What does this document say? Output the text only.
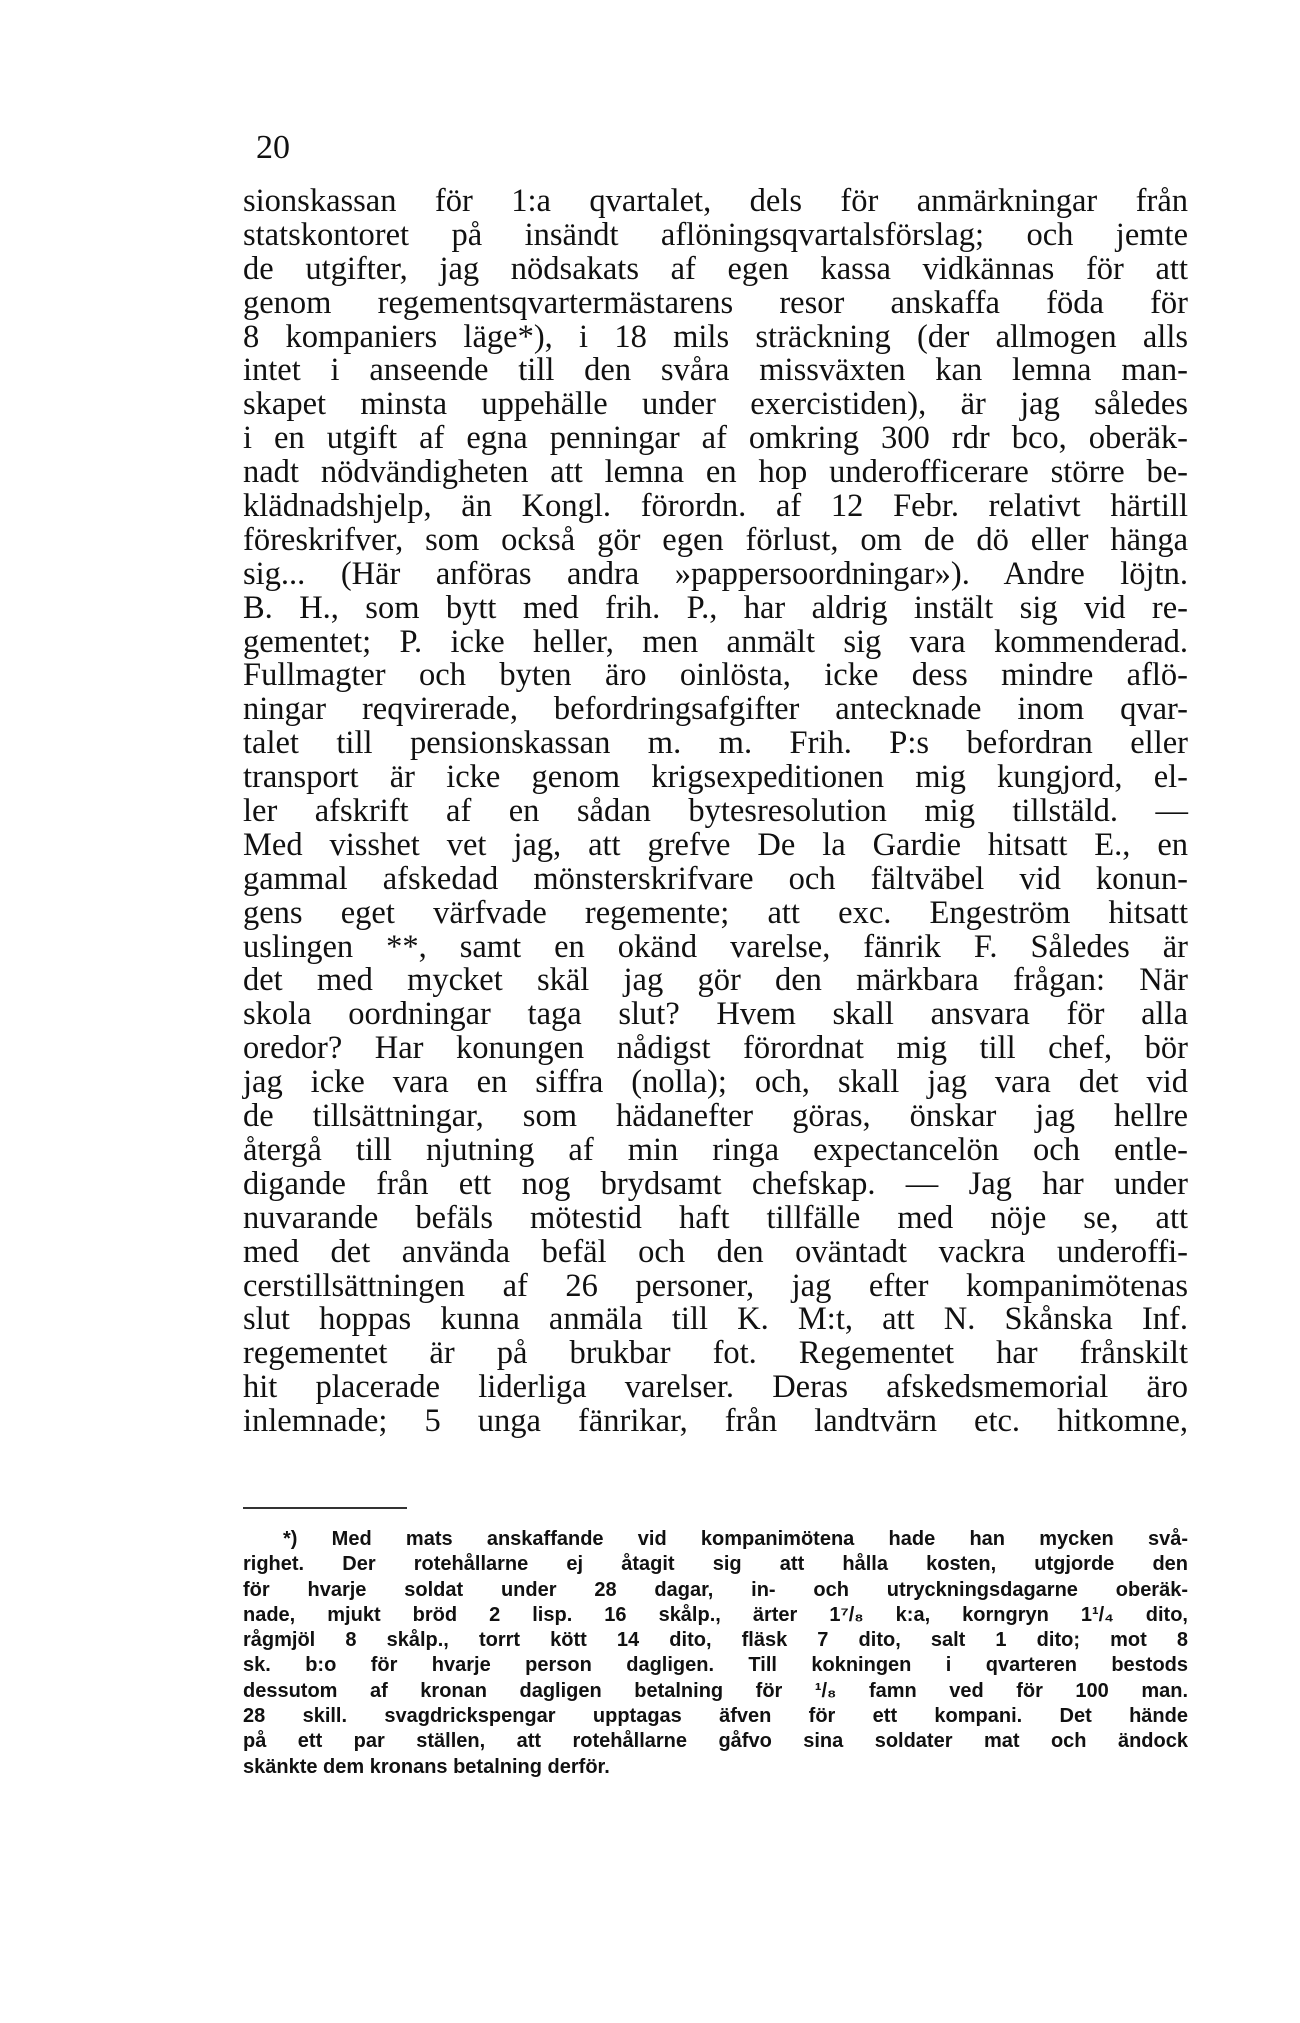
20
sionskassan för 1:a qvartalet, dels för anmärkningar från
statskontoret på insändt aflöningsqvartalsförslag; och jemte
de utgifter, jag nödsakats af egen kassa vidkännas för att
genom regementsqvartermästarens resor anskaffa föda för
8 kompaniers läge*), i 18 mils sträckning (der allmogen alls
intet i anseende till den svåra missväxten kan lemna man-
skapet minsta uppehälle under exercistiden), är jag således
i en utgift af egna penningar af omkring 300 rdr bco, oberäk-
nadt nödvändigheten att lemna en hop underofficerare större be-
klädnadshjelp, än Kongl. förordn. af 12 Febr. relativt härtill
föreskrifver, som också gör egen förlust, om de dö eller hänga
sig... (Här anföras andra »pappersoordningar»). Andre löjtn.
B. H., som bytt med frih. P., har aldrig instält sig vid re-
gementet; P. icke heller, men anmält sig vara kommenderad.
Fullmagter och byten äro oinlösta, icke dess mindre aflö-
ningar reqvirerade, befordringsafgifter antecknade inom qvar-
talet till pensionskassan m. m. Frih. P:s befordran eller
transport är icke genom krigsexpeditionen mig kungjord, el-
ler afskrift af en sådan bytesresolution mig tillstäld. —
Med visshet vet jag, att grefve De la Gardie hitsatt E., en
gammal afskedad mönsterskrifvare och fältväbel vid konun-
gens eget värfvade regemente; att exc. Engeström hitsatt
uslingen **, samt en okänd varelse, fänrik F. Således är
det med mycket skäl jag gör den märkbara frågan: När
skola oordningar taga slut? Hvem skall ansvara för alla
oredor? Har konungen nådigst förordnat mig till chef, bör
jag icke vara en siffra (nolla); och, skall jag vara det vid
de tillsättningar, som hädanefter göras, önskar jag hellre
återgå till njutning af min ringa expectancelön och entle-
digande från ett nog brydsamt chefskap. — Jag har under
nuvarande befäls mötestid haft tillfälle med nöje se, att
med det använda befäl och den oväntadt vackra underoffi-
cerstillsättningen af 26 personer, jag efter kompanimötenas
slut hoppas kunna anmäla till K. M:t, att N. Skånska Inf.
regementet är på brukbar fot. Regementet har frånskilt
hit placerade liderliga varelser. Deras afskedsmemorial äro
inlemnade; 5 unga fänrikar, från landtvärn etc. hitkomne,
*) Med mats anskaffande vid kompanimötena hade han mycken svå-
righet. Der rotehållarne ej åtagit sig att hålla kosten, utgjorde den
för hvarje soldat under 28 dagar, in- och utryckningsdagarne oberäk-
nade, mjukt bröd 2 lisp. 16 skålp., ärter 1⁷/₈ k:a, korngryn 1¹/₄ dito,
rågmjöl 8 skålp., torrt kött 14 dito, fläsk 7 dito, salt 1 dito; mot 8
sk. b:o för hvarje person dagligen. Till kokningen i qvarteren bestods
dessutom af kronan dagligen betalning för ¹/₈ famn ved för 100 man.
28 skill. svagdrickspengar upptagas äfven för ett kompani. Det hände
på ett par ställen, att rotehållarne gåfvo sina soldater mat och ändock
skänkte dem kronans betalning derför.
